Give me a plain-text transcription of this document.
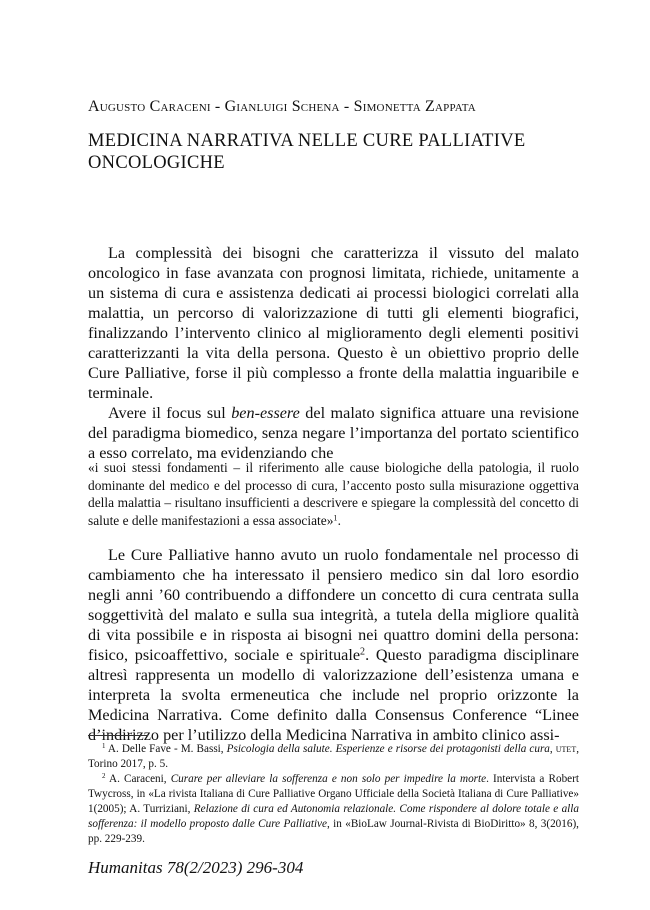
Augusto Caraceni - Gianluigi Schena - Simonetta Zappata
MEDICINA NARRATIVA NELLE CURE PALLIATIVE ONCOLOGICHE

La complessità dei bisogni che caratterizza il vissuto del malato oncologico in fase avanzata con prognosi limitata, richiede, unitamente a un sistema di cura e assistenza dedicati ai processi biologici correlati alla malattia, un percorso di valorizzazione di tutti gli elementi biografici, finalizzando l’intervento clinico al miglioramento degli elementi positivi caratterizzanti la vita della persona. Questo è un obiettivo proprio delle Cure Palliative, forse il più complesso a fronte della malattia inguaribile e terminale.

Avere il focus sul ben-essere del malato significa attuare una revisione del paradigma biomedico, senza negare l’importanza del portato scientifico a esso correlato, ma evidenziando che

«i suoi stessi fondamenti – il riferimento alle cause biologiche della patologia, il ruolo dominante del medico e del processo di cura, l’accento posto sulla misurazione oggettiva della malattia – risultano insufficienti a descrivere e spiegare la complessità del concetto di salute e delle manifestazioni a essa associate»$^1$.

Le Cure Palliative hanno avuto un ruolo fondamentale nel processo di cambiamento che ha interessato il pensiero medico sin dal loro esordio negli anni ’60 contribuendo a diffondere un concetto di cura centrata sulla soggettività del malato e sulla sua integrità, a tutela della migliore qualità di vita possibile e in risposta ai bisogni nei quattro domini della persona: fisico, psicoaffettivo, sociale e spirituale$^2$. Questo paradigma disciplinare altresì rappresenta un modello di valorizzazione dell’esistenza umana e interpreta la svolta ermeneutica che include nel proprio orizzonte la Medicina Narrativa. Come definito dalla Consensus Conference “Linee d’indirizzo per l’utilizzo della Medicina Narrativa in ambito clinico assi-

$^1$ A. Delle Fave - M. Bassi, Psicologia della salute. Esperienze e risorse dei protagonisti della cura, utet, Torino 2017, p. 5.

$^2$ A. Caraceni, Curare per alleviare la sofferenza e non solo per impedire la morte. Intervista a Robert Twycross, in «La rivista Italiana di Cure Palliative Organo Ufficiale della Società Italiana di Cure Palliative» 1(2005); A. Turriziani, Relazione di cura ed Autonomia relazionale. Come rispondere al dolore totale e alla sofferenza: il modello proposto dalle Cure Palliative, in «BioLaw Journal-Rivista di BioDiritto» 8, 3(2016), pp. 229-239.

Humanitas 78(2/2023) 296-304
